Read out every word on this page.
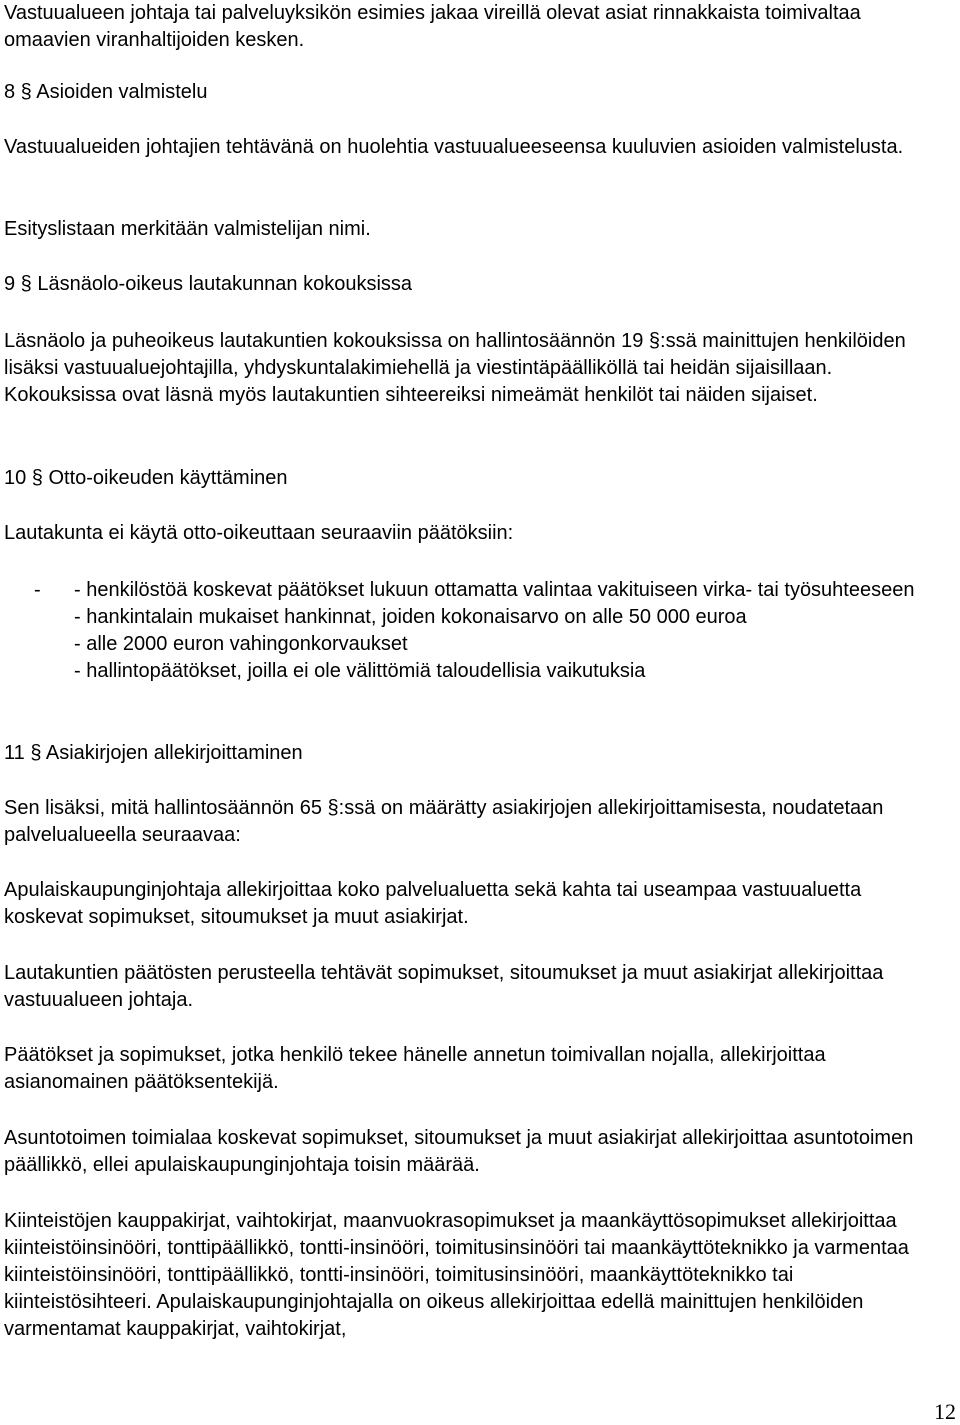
Vastuualueen johtaja tai palveluyksikön esimies jakaa vireillä olevat asiat rinnakkaista toimivaltaa omaavien viranhaltijoiden kesken.

8 § Asioiden valmistelu

Vastuualueiden johtajien tehtävänä on huolehtia vastuualueeseensa kuuluvien asioiden valmistelusta.

Esityslistaan merkitään valmistelijan nimi.

9 § Läsnäolo-oikeus lautakunnan kokouksissa

Läsnäolo ja puheoikeus lautakuntien kokouksissa on hallintosäännön 19 §:ssä mainittujen henkilöiden lisäksi vastuualuejohtajilla, yhdyskuntalakimiehellä ja viestintäpäälliköllä tai heidän sijaisillaan. Kokouksissa ovat läsnä myös lautakuntien sihteereiksi nimeämät henkilöt tai näiden sijaiset.

10 § Otto-oikeuden käyttäminen

Lautakunta ei käytä otto-oikeuttaan seuraaviin päätöksiin:

- - henkilöstöä koskevat päätökset lukuun ottamatta valintaa vakituiseen virka- tai työsuhteeseen
- hankintalain mukaiset hankinnat, joiden kokonaisarvo on alle 50 000 euroa
- alle 2000 euron vahingonkorvaukset
- hallintopäätökset, joilla ei ole välittömiä taloudellisia vaikutuksia

11 § Asiakirjojen allekirjoittaminen

Sen lisäksi, mitä hallintosäännön 65 §:ssä on määrätty asiakirjojen allekirjoittamisesta, noudatetaan palvelualueella seuraavaa:

Apulaiskaupunginjohtaja allekirjoittaa koko palvelualuetta sekä kahta tai useampaa vastuualuetta koskevat sopimukset, sitoumukset ja muut asiakirjat.

Lautakuntien päätösten perusteella tehtävät sopimukset, sitoumukset ja muut asiakirjat allekirjoittaa vastuualueen johtaja.

Päätökset ja sopimukset, jotka henkilö tekee hänelle annetun toimivallan nojalla, allekirjoittaa asianomainen päätöksentekijä.

Asuntotoimen toimialaa koskevat sopimukset, sitoumukset ja muut asiakirjat allekirjoittaa asuntotoimen päällikkö, ellei apulaiskaupunginjohtaja toisin määrää.

Kiinteistöjen kauppakirjat, vaihtokirjat, maanvuokrasopimukset ja maankäyttösopimukset allekirjoittaa kiinteistöinsinööri, tonttipäällikkö, tontti-insinööri, toimitusinsinööri tai maankäyttöteknikko ja varmentaa kiinteistöinsinööri, tonttipäällikkö, tontti-insinööri, toimitusinsinööri, maankäyttöteknikko tai kiinteistösihteeri. Apulaiskaupunginjohtajalla on oikeus allekirjoittaa edellä mainittujen henkilöiden varmentamat kauppakirjat, vaihtokirjat,

12
